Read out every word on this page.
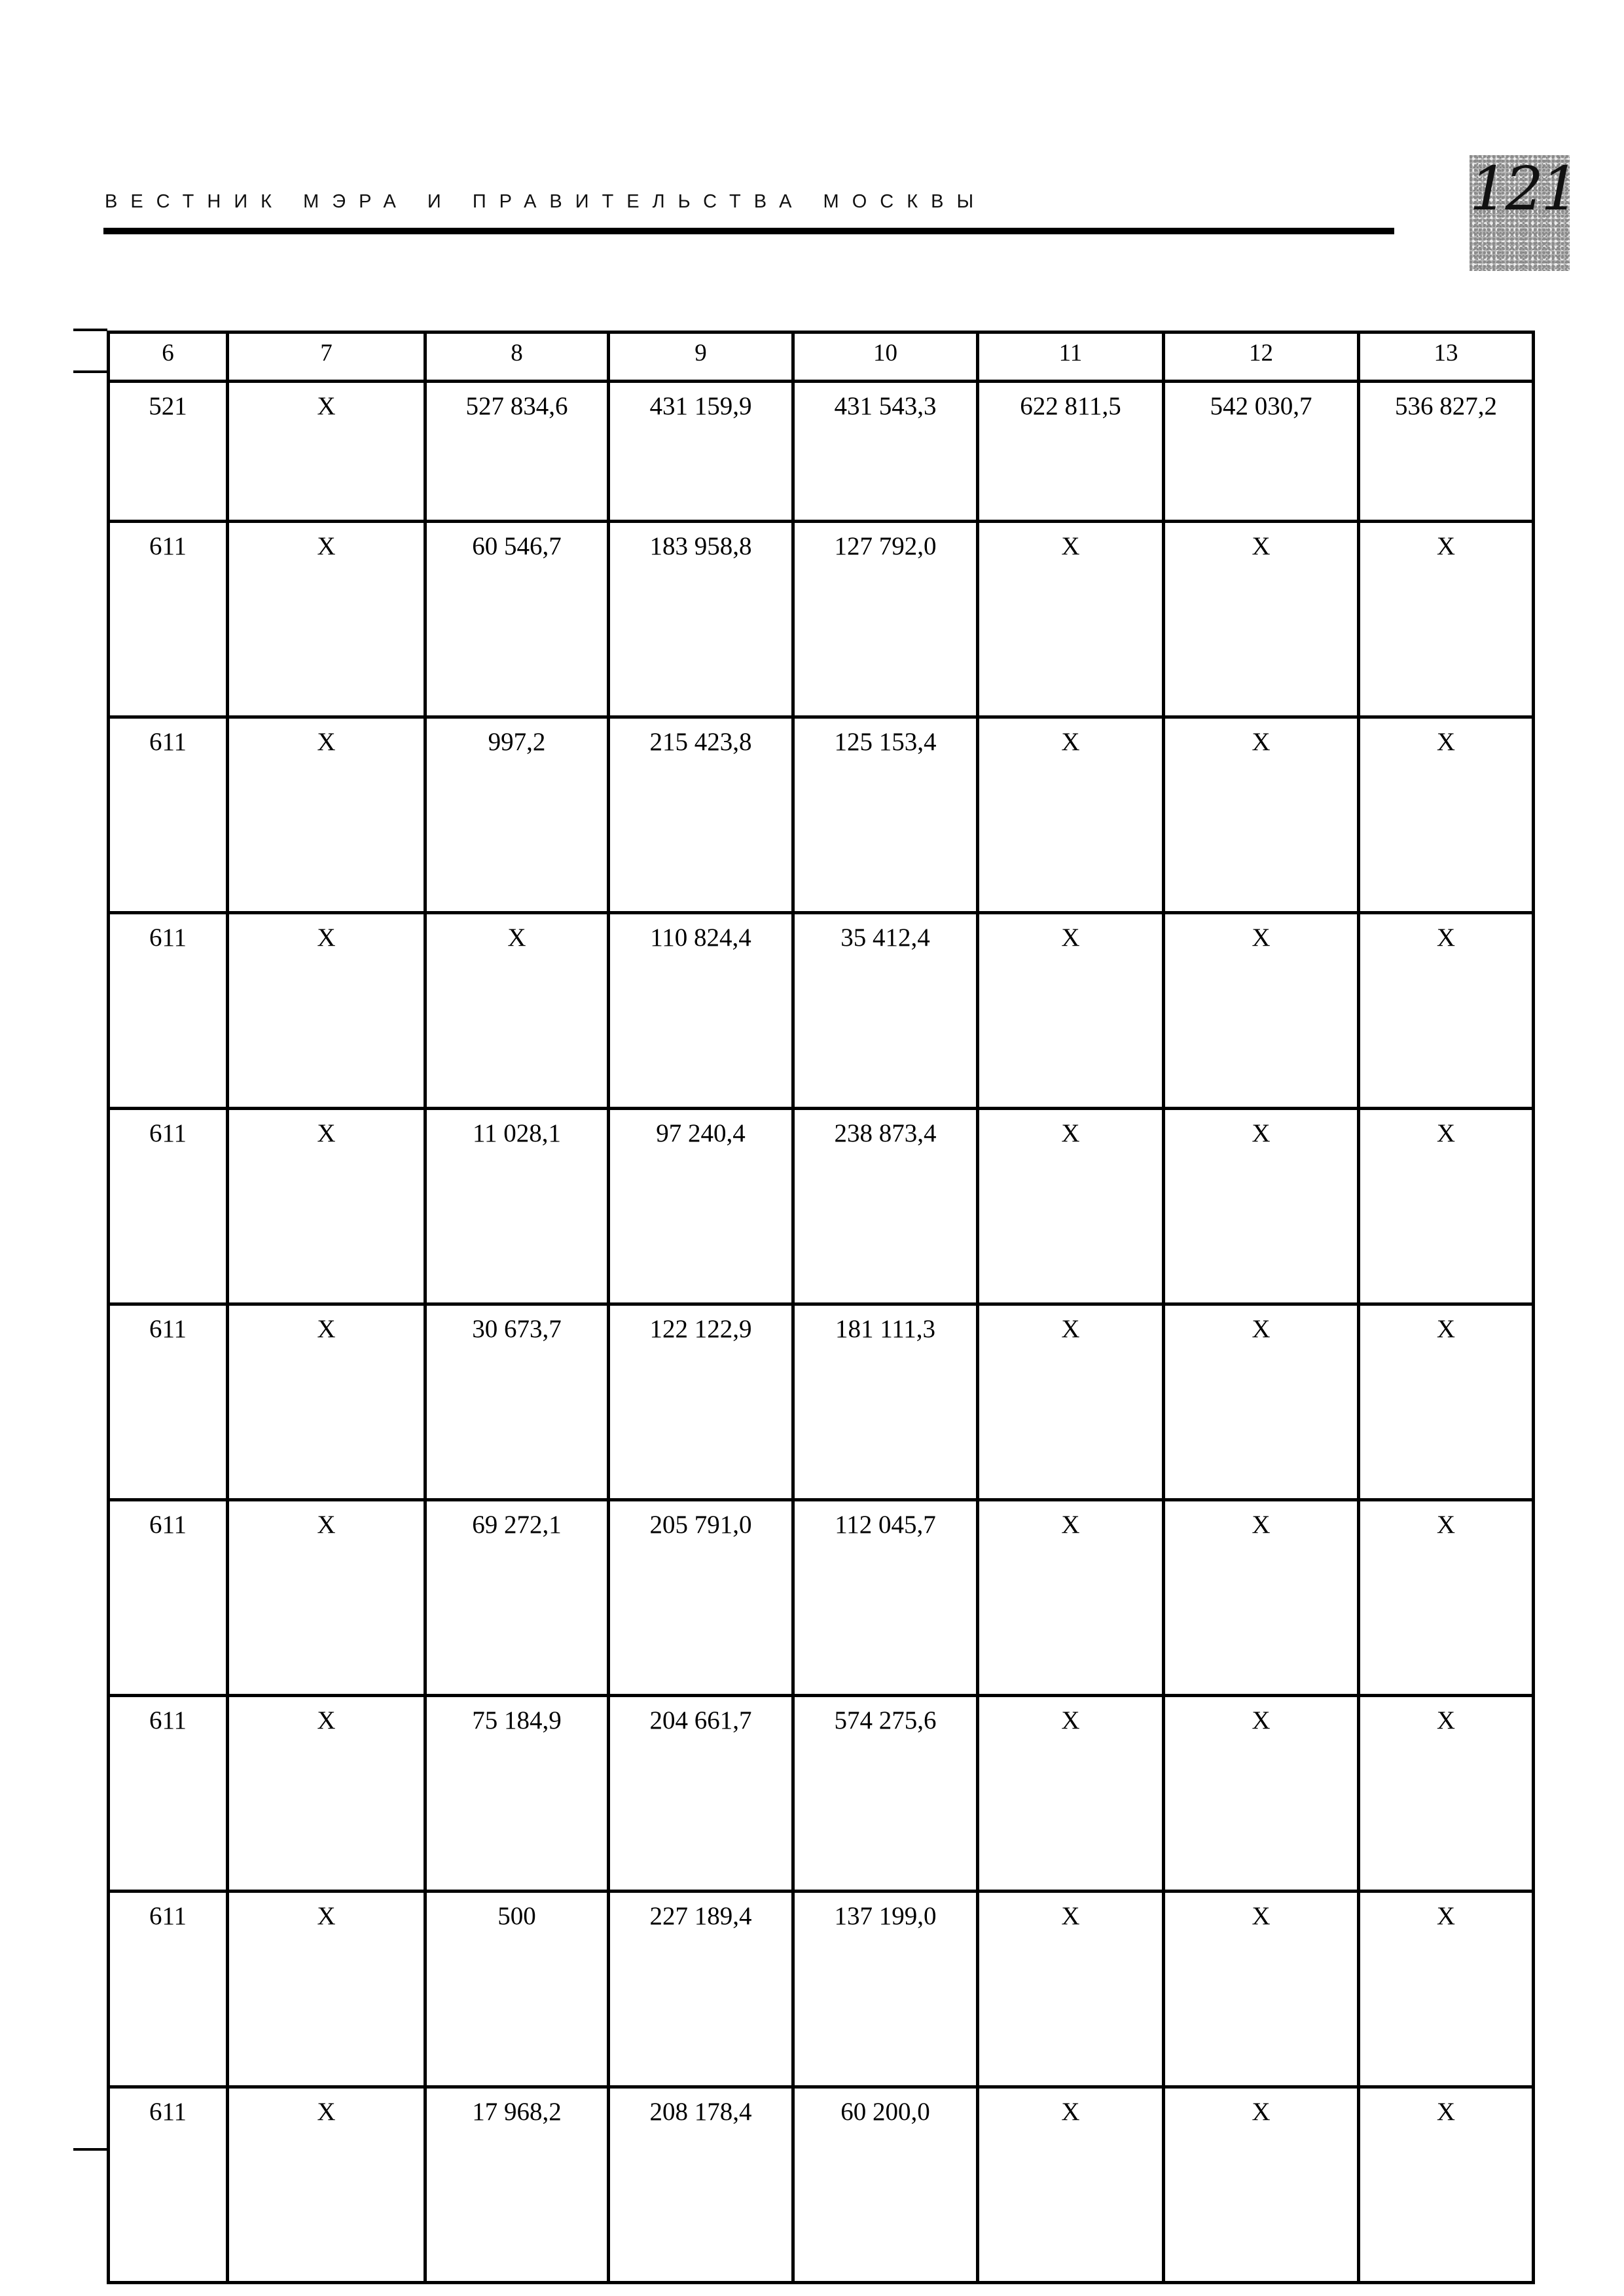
ВЕСТНИК МЭРА И ПРАВИТЕЛЬСТВА МОСКВЫ	121
6	7	8	9	10	11	12	13
521	Х	527 834,6	431 159,9	431 543,3	622 811,5	542 030,7	536 827,2
611	Х	60 546,7	183 958,8	127 792,0	Х	Х	Х
611	Х	997,2	215 423,8	125 153,4	Х	Х	Х
611	Х	Х	110 824,4	35 412,4	Х	Х	Х
611	Х	11 028,1	97 240,4	238 873,4	Х	Х	Х
611	Х	30 673,7	122 122,9	181 111,3	Х	Х	Х
611	Х	69 272,1	205 791,0	112 045,7	Х	Х	Х
611	Х	75 184,9	204 661,7	574 275,6	Х	Х	Х
611	Х	500	227 189,4	137 199,0	Х	Х	Х
611	Х	17 968,2	208 178,4	60 200,0	Х	Х	Х
